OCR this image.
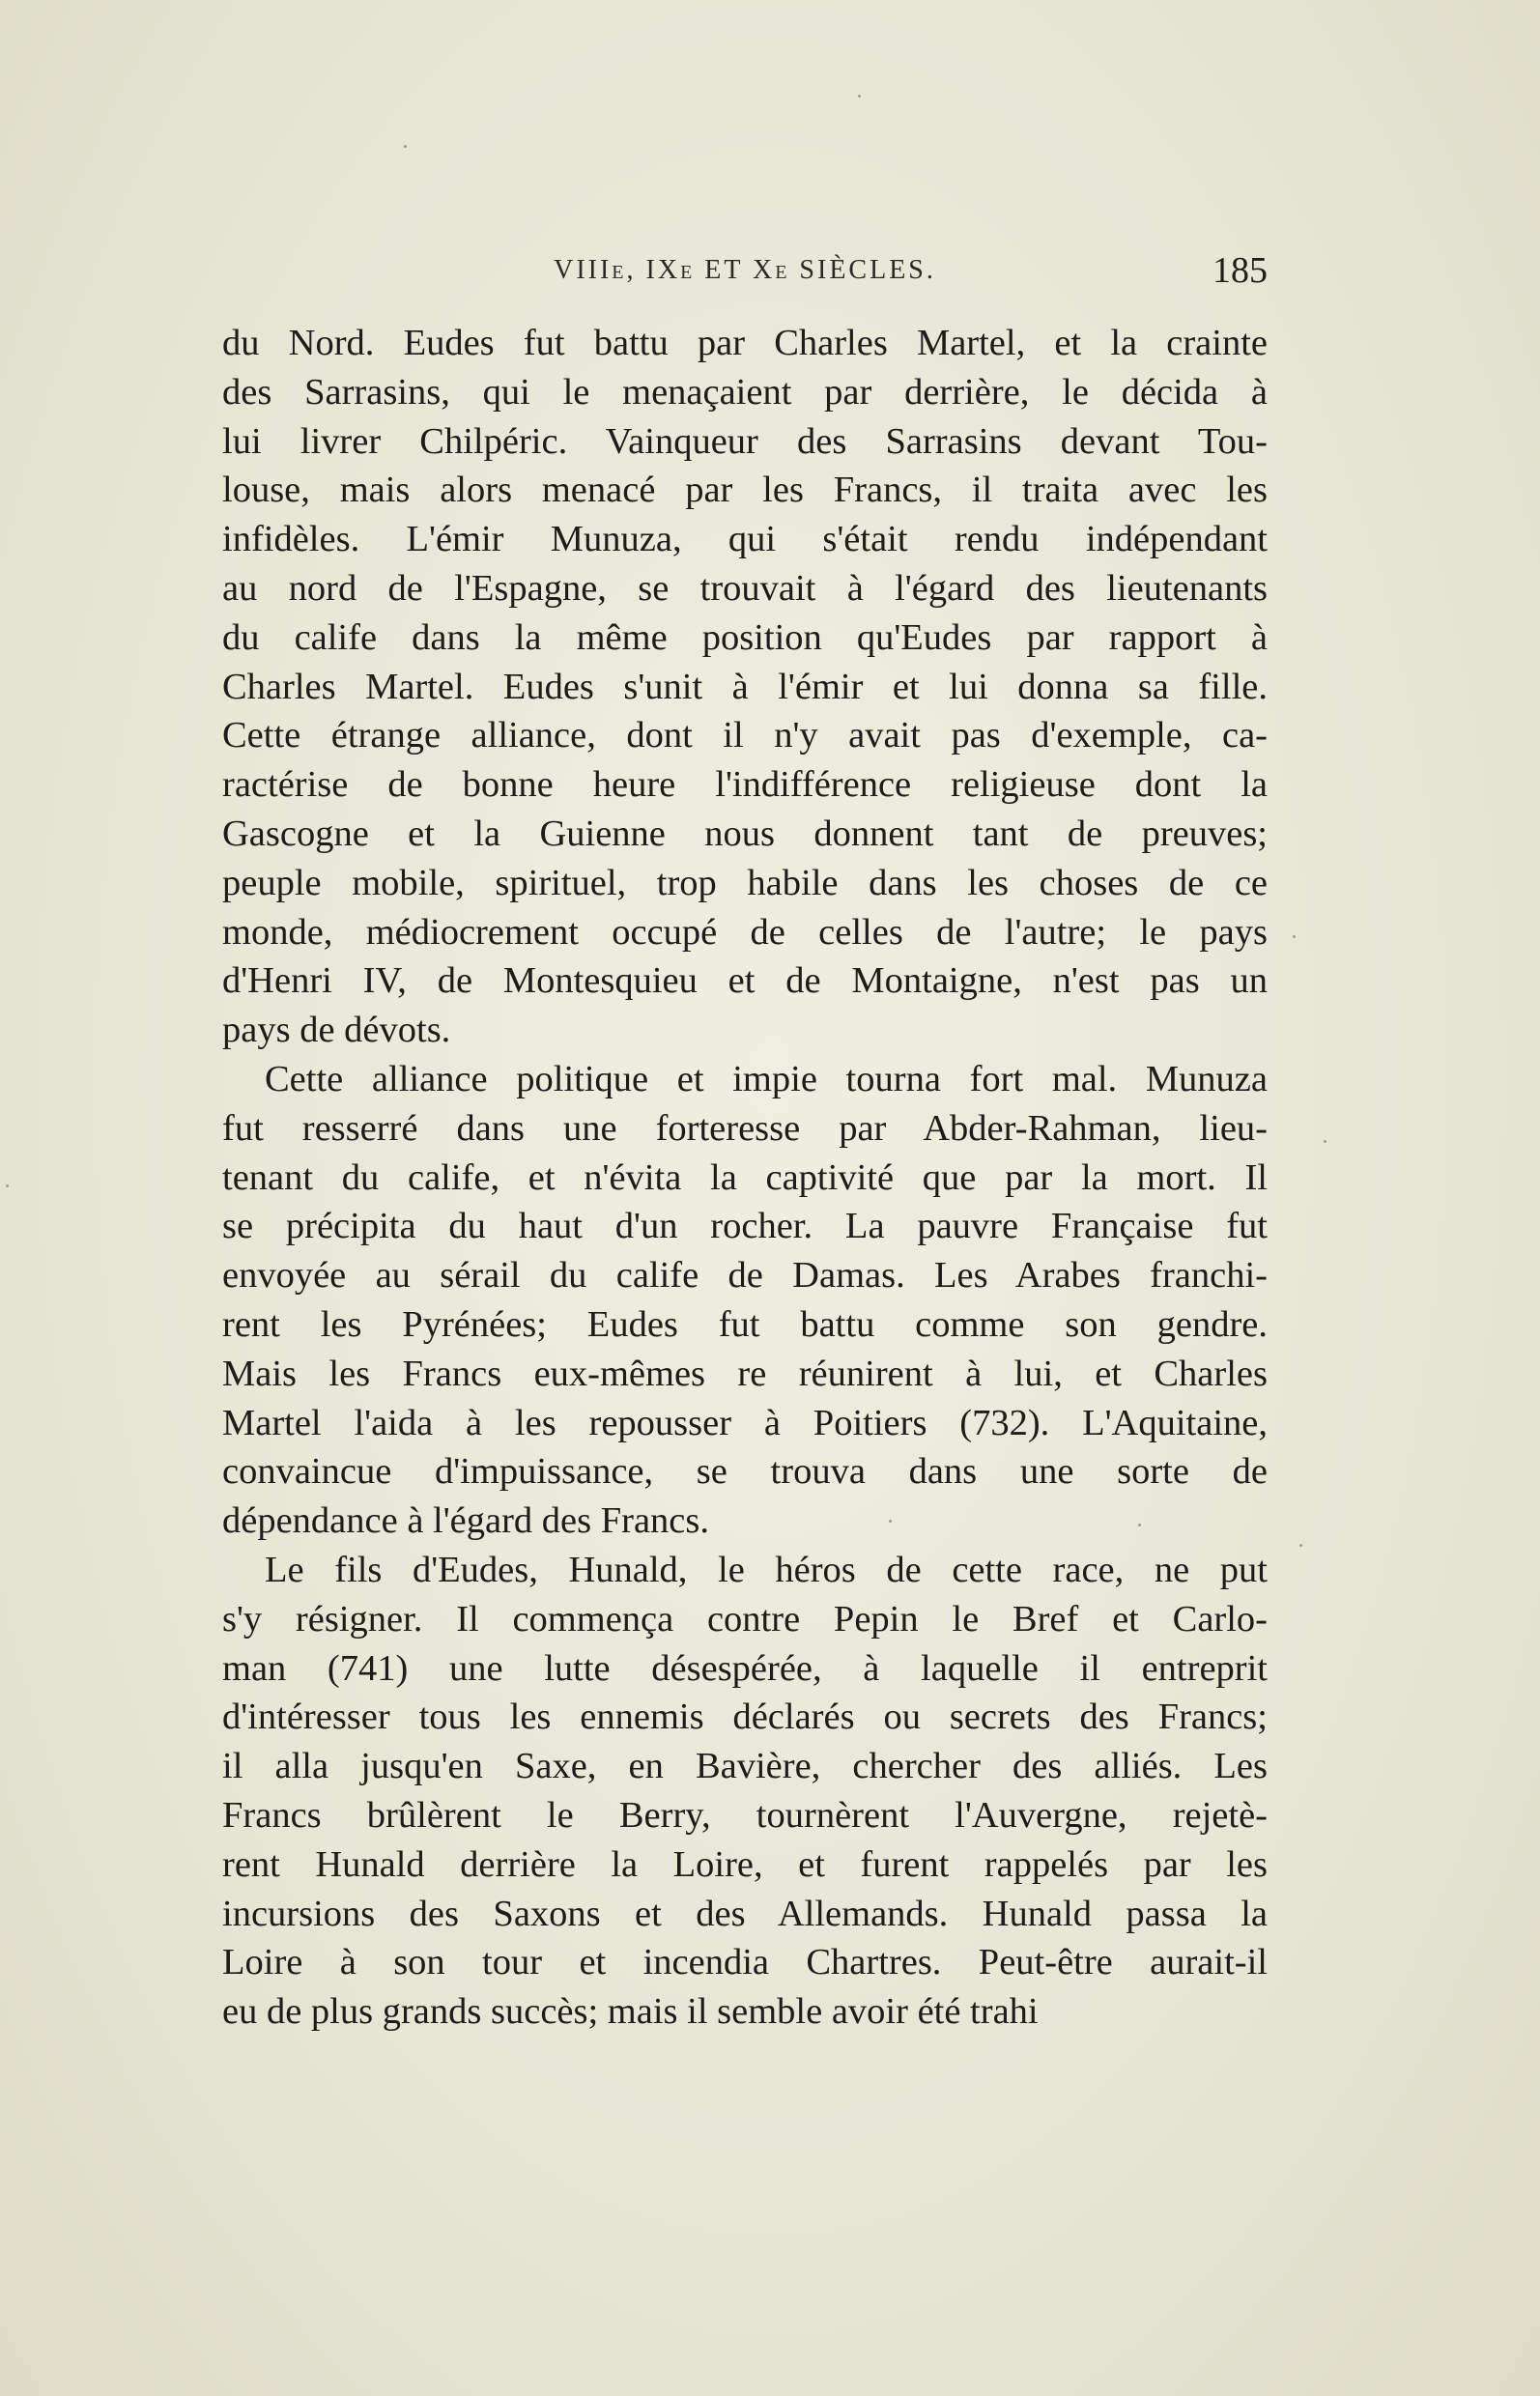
VIIIe, IXe ET Xe SIÈCLES.	185

du Nord. Eudes fut battu par Charles Martel, et la crainte
des Sarrasins, qui le menaçaient par derrière, le décida à
lui livrer Chilpéric. Vainqueur des Sarrasins devant Tou-
louse, mais alors menacé par les Francs, il traita avec les
infidèles. L'émir Munuza, qui s'était rendu indépendant
au nord de l'Espagne, se trouvait à l'égard des lieutenants
du calife dans la même position qu'Eudes par rapport à
Charles Martel. Eudes s'unit à l'émir et lui donna sa fille.
Cette étrange alliance, dont il n'y avait pas d'exemple, ca-
ractérise de bonne heure l'indifférence religieuse dont la
Gascogne et la Guienne nous donnent tant de preuves;
peuple mobile, spirituel, trop habile dans les choses de ce
monde, médiocrement occupé de celles de l'autre; le pays
d'Henri IV, de Montesquieu et de Montaigne, n'est pas un
pays de dévots.

Cette alliance politique et impie tourna fort mal. Munuza
fut resserré dans une forteresse par Abder-Rahman, lieu-
tenant du calife, et n'évita la captivité que par la mort. Il
se précipita du haut d'un rocher. La pauvre Française fut
envoyée au sérail du calife de Damas. Les Arabes franchi-
rent les Pyrénées; Eudes fut battu comme son gendre.
Mais les Francs eux-mêmes re réunirent à lui, et Charles
Martel l'aida à les repousser à Poitiers (732). L'Aquitaine,
convaincue d'impuissance, se trouva dans une sorte de
dépendance à l'égard des Francs.

Le fils d'Eudes, Hunald, le héros de cette race, ne put
s'y résigner. Il commença contre Pepin le Bref et Carlo-
man (741) une lutte désespérée, à laquelle il entreprit
d'intéresser tous les ennemis déclarés ou secrets des Francs;
il alla jusqu'en Saxe, en Bavière, chercher des alliés. Les
Francs brûlèrent le Berry, tournèrent l'Auvergne, rejetè-
rent Hunald derrière la Loire, et furent rappelés par les
incursions des Saxons et des Allemands. Hunald passa la
Loire à son tour et incendia Chartres. Peut-être aurait-il
eu de plus grands succès; mais il semble avoir été trahi
